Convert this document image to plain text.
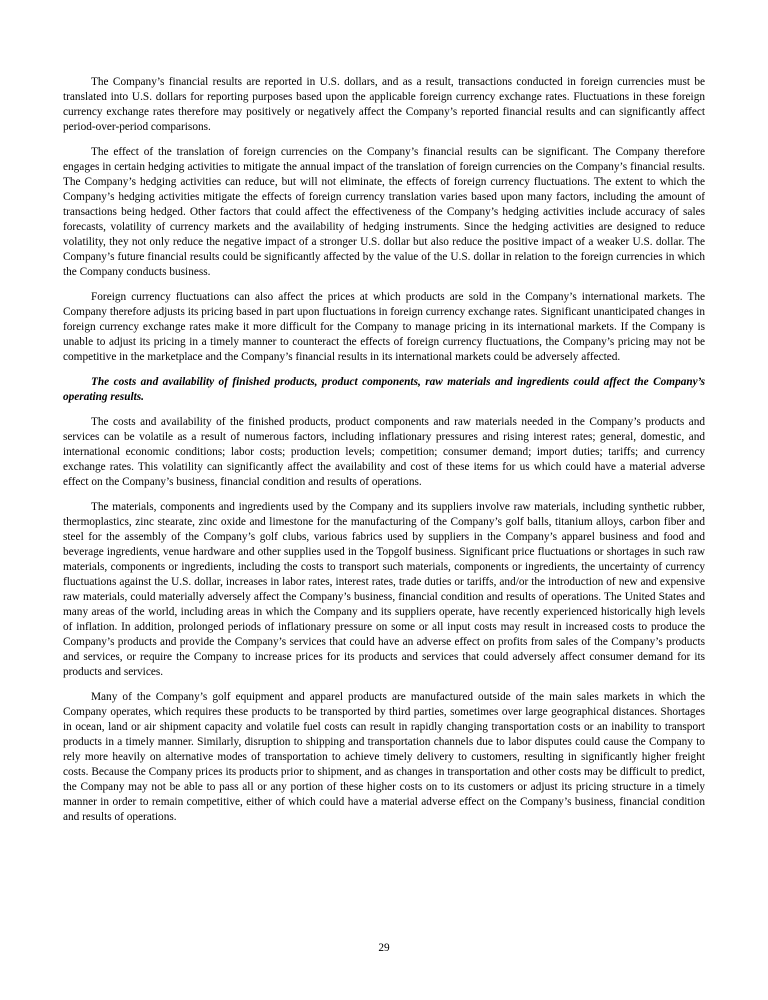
The Company’s financial results are reported in U.S. dollars, and as a result, transactions conducted in foreign currencies must be translated into U.S. dollars for reporting purposes based upon the applicable foreign currency exchange rates. Fluctuations in these foreign currency exchange rates therefore may positively or negatively affect the Company’s reported financial results and can significantly affect period-over-period comparisons.

The effect of the translation of foreign currencies on the Company’s financial results can be significant. The Company therefore engages in certain hedging activities to mitigate the annual impact of the translation of foreign currencies on the Company’s financial results. The Company’s hedging activities can reduce, but will not eliminate, the effects of foreign currency fluctuations. The extent to which the Company’s hedging activities mitigate the effects of foreign currency translation varies based upon many factors, including the amount of transactions being hedged. Other factors that could affect the effectiveness of the Company’s hedging activities include accuracy of sales forecasts, volatility of currency markets and the availability of hedging instruments. Since the hedging activities are designed to reduce volatility, they not only reduce the negative impact of a stronger U.S. dollar but also reduce the positive impact of a weaker U.S. dollar. The Company’s future financial results could be significantly affected by the value of the U.S. dollar in relation to the foreign currencies in which the Company conducts business.

Foreign currency fluctuations can also affect the prices at which products are sold in the Company’s international markets. The Company therefore adjusts its pricing based in part upon fluctuations in foreign currency exchange rates. Significant unanticipated changes in foreign currency exchange rates make it more difficult for the Company to manage pricing in its international markets. If the Company is unable to adjust its pricing in a timely manner to counteract the effects of foreign currency fluctuations, the Company’s pricing may not be competitive in the marketplace and the Company’s financial results in its international markets could be adversely affected.

The costs and availability of finished products, product components, raw materials and ingredients could affect the Company’s operating results.

The costs and availability of the finished products, product components and raw materials needed in the Company’s products and services can be volatile as a result of numerous factors, including inflationary pressures and rising interest rates; general, domestic, and international economic conditions; labor costs; production levels; competition; consumer demand; import duties; tariffs; and currency exchange rates. This volatility can significantly affect the availability and cost of these items for us which could have a material adverse effect on the Company’s business, financial condition and results of operations.

The materials, components and ingredients used by the Company and its suppliers involve raw materials, including synthetic rubber, thermoplastics, zinc stearate, zinc oxide and limestone for the manufacturing of the Company’s golf balls, titanium alloys, carbon fiber and steel for the assembly of the Company’s golf clubs, various fabrics used by suppliers in the Company’s apparel business and food and beverage ingredients, venue hardware and other supplies used in the Topgolf business. Significant price fluctuations or shortages in such raw materials, components or ingredients, including the costs to transport such materials, components or ingredients, the uncertainty of currency fluctuations against the U.S. dollar, increases in labor rates, interest rates, trade duties or tariffs, and/or the introduction of new and expensive raw materials, could materially adversely affect the Company’s business, financial condition and results of operations. The United States and many areas of the world, including areas in which the Company and its suppliers operate, have recently experienced historically high levels of inflation. In addition, prolonged periods of inflationary pressure on some or all input costs may result in increased costs to produce the Company’s products and provide the Company’s services that could have an adverse effect on profits from sales of the Company’s products and services, or require the Company to increase prices for its products and services that could adversely affect consumer demand for its products and services.

Many of the Company’s golf equipment and apparel products are manufactured outside of the main sales markets in which the Company operates, which requires these products to be transported by third parties, sometimes over large geographical distances. Shortages in ocean, land or air shipment capacity and volatile fuel costs can result in rapidly changing transportation costs or an inability to transport products in a timely manner. Similarly, disruption to shipping and transportation channels due to labor disputes could cause the Company to rely more heavily on alternative modes of transportation to achieve timely delivery to customers, resulting in significantly higher freight costs. Because the Company prices its products prior to shipment, and as changes in transportation and other costs may be difficult to predict, the Company may not be able to pass all or any portion of these higher costs on to its customers or adjust its pricing structure in a timely manner in order to remain competitive, either of which could have a material adverse effect on the Company’s business, financial condition and results of operations.

29
